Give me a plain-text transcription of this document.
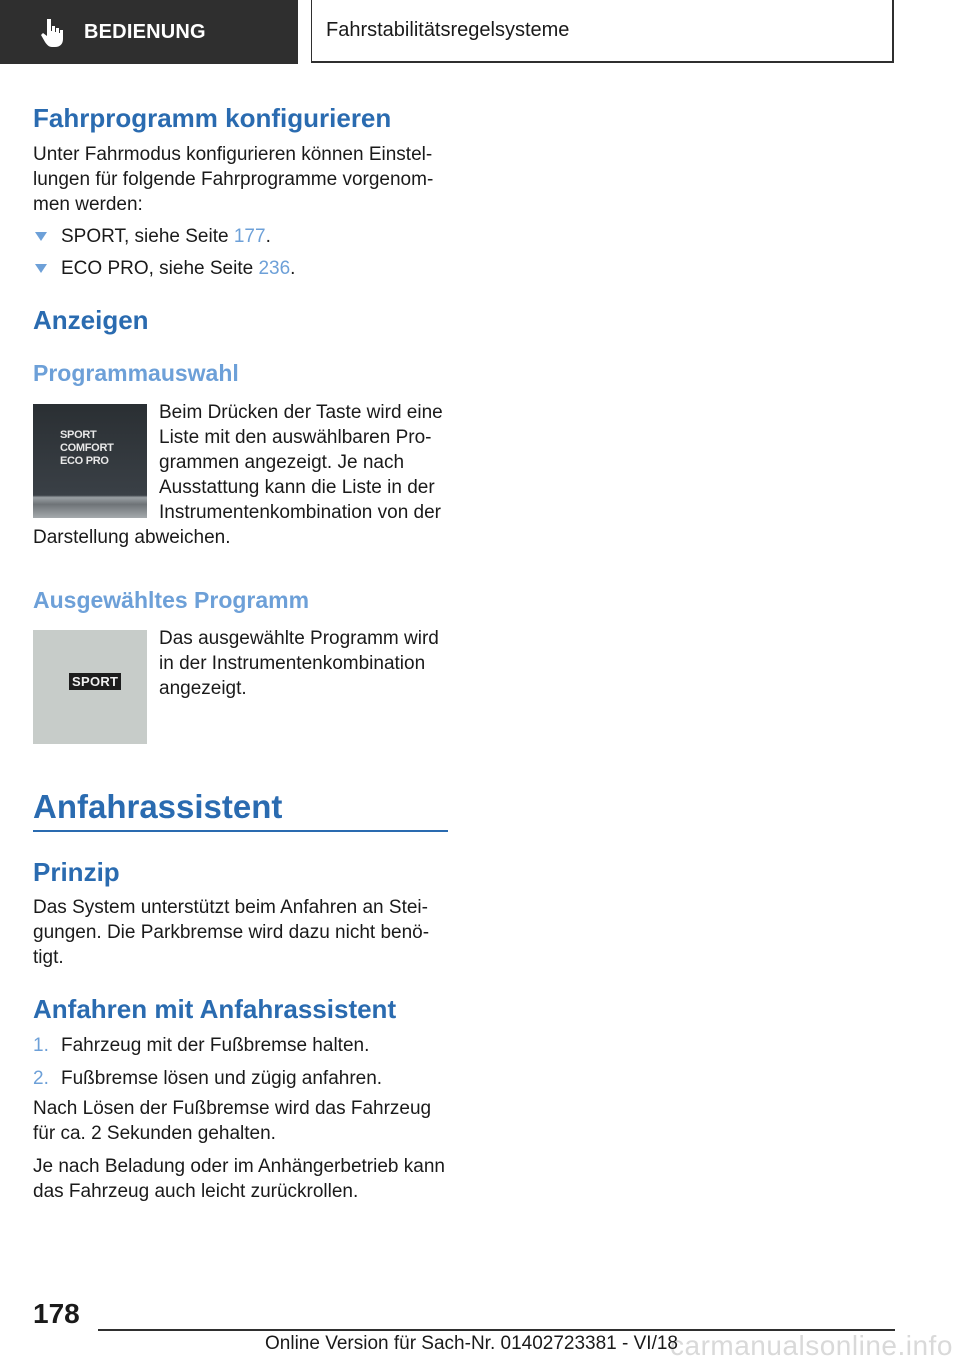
BEDIENUNG	Fahrstabilitätsregelsysteme
Fahrprogramm konfigurieren
Unter Fahrmodus konfigurieren können Einstel-
lungen für folgende Fahrprogramme vorgenom-
men werden:
SPORT, siehe Seite 177.
ECO PRO, siehe Seite 236.
Anzeigen
Programmauswahl
SPORT
COMFORT
ECO PRO
Beim Drücken der Taste wird eine
Liste mit den auswählbaren Pro-
grammen angezeigt. Je nach
Ausstattung kann die Liste in der
Instrumentenkombination von der
Darstellung abweichen.
Ausgewähltes Programm
SPORT
Das ausgewählte Programm wird
in der Instrumentenkombination
angezeigt.
Anfahrassistent
Prinzip
Das System unterstützt beim Anfahren an Stei-
gungen. Die Parkbremse wird dazu nicht benö-
tigt.
Anfahren mit Anfahrassistent
1. Fahrzeug mit der Fußbremse halten.
2. Fußbremse lösen und zügig anfahren.
Nach Lösen der Fußbremse wird das Fahrzeug
für ca. 2 Sekunden gehalten.
Je nach Beladung oder im Anhängerbetrieb kann
das Fahrzeug auch leicht zurückrollen.
178
carmanualsonline.info
Online Version für Sach-Nr. 01402723381 - VI/18
